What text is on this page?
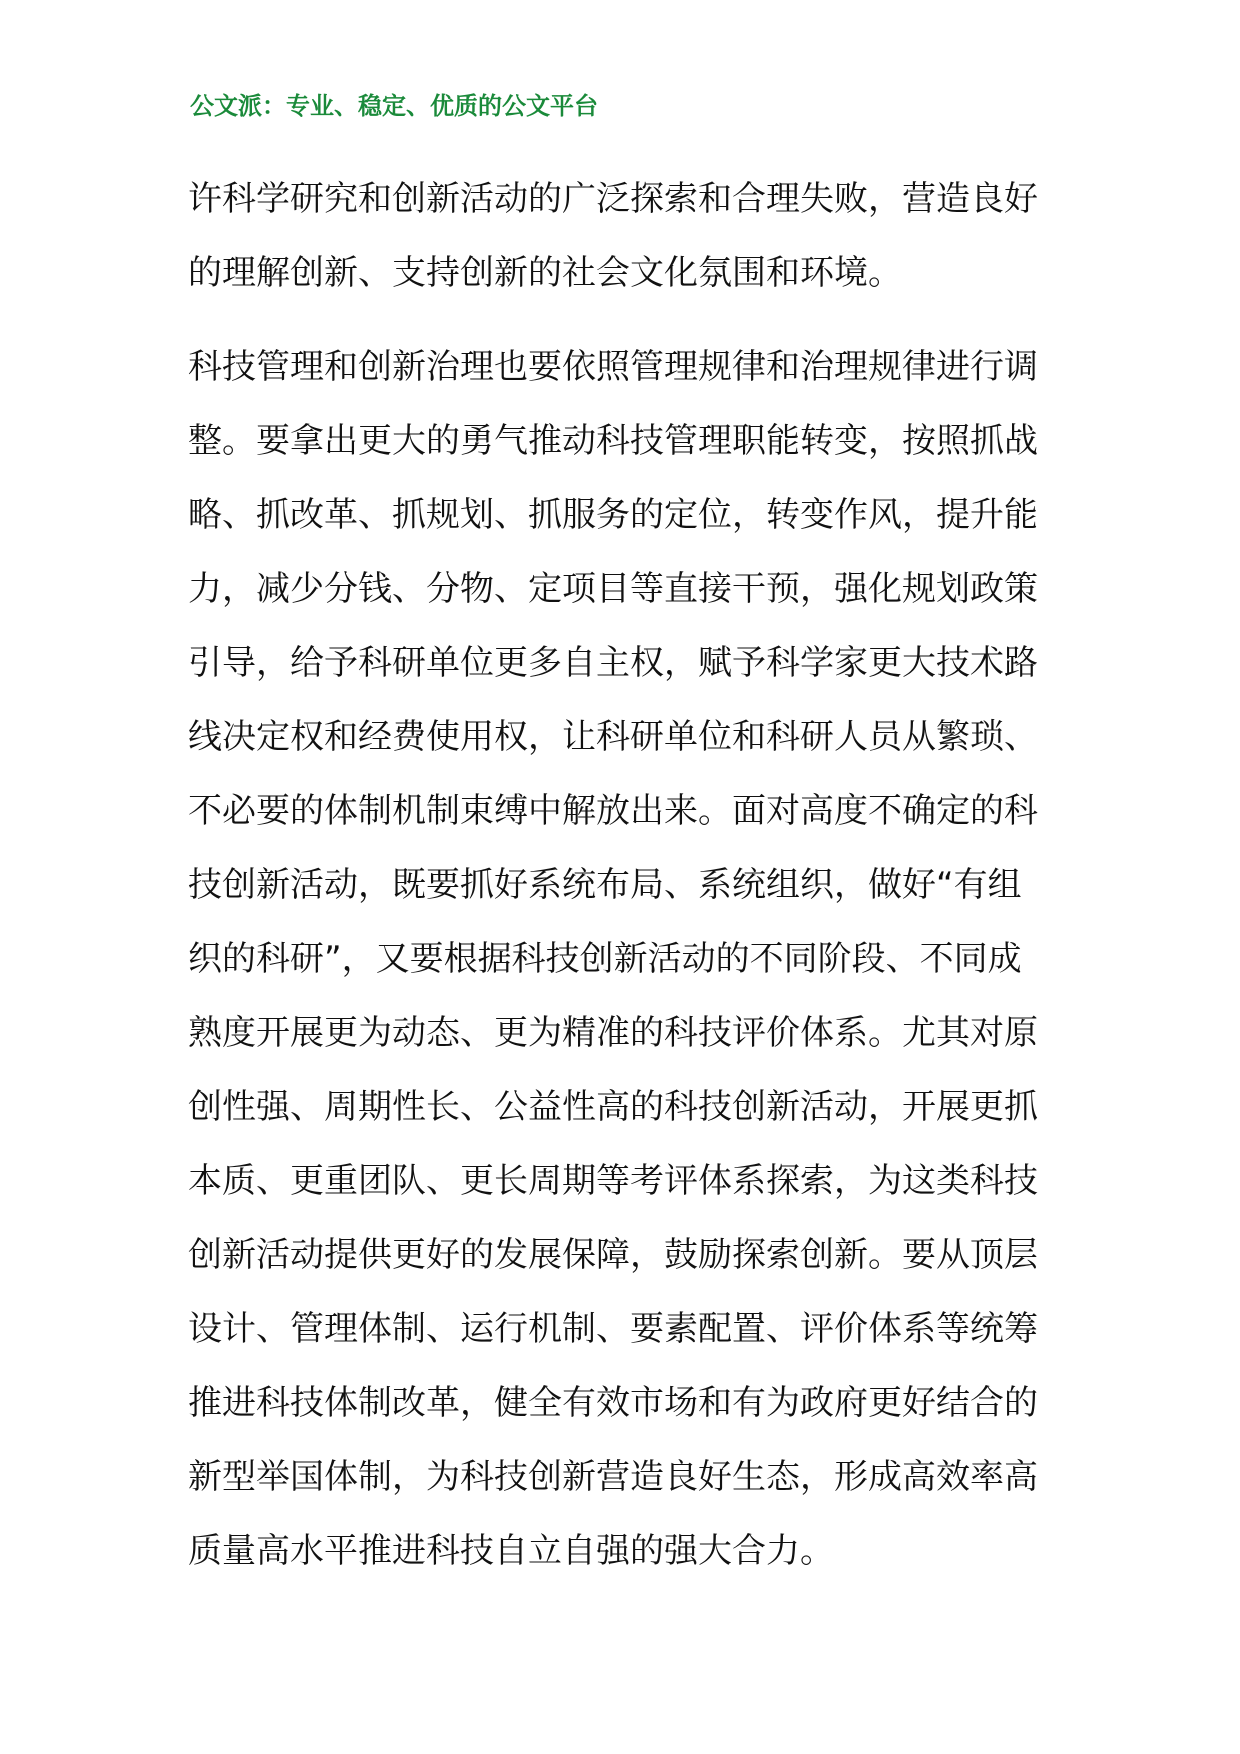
公文派：专业、稳定、优质的公文平台
许科学研究和创新活动的广泛探索和合理失败，营造良好
的理解创新、支持创新的社会文化氛围和环境。
科技管理和创新治理也要依照管理规律和治理规律进行调
整。要拿出更大的勇气推动科技管理职能转变，按照抓战
略、抓改革、抓规划、抓服务的定位，转变作风，提升能
力，减少分钱、分物、定项目等直接干预，强化规划政策
引导，给予科研单位更多自主权，赋予科学家更大技术路
线决定权和经费使用权，让科研单位和科研人员从繁琐、
不必要的体制机制束缚中解放出来。面对高度不确定的科
技创新活动，既要抓好系统布局、系统组织，做好“有组
织的科研”，又要根据科技创新活动的不同阶段、不同成
熟度开展更为动态、更为精准的科技评价体系。尤其对原
创性强、周期性长、公益性高的科技创新活动，开展更抓
本质、更重团队、更长周期等考评体系探索，为这类科技
创新活动提供更好的发展保障，鼓励探索创新。要从顶层
设计、管理体制、运行机制、要素配置、评价体系等统筹
推进科技体制改革，健全有效市场和有为政府更好结合的
新型举国体制，为科技创新营造良好生态，形成高效率高
质量高水平推进科技自立自强的强大合力。
